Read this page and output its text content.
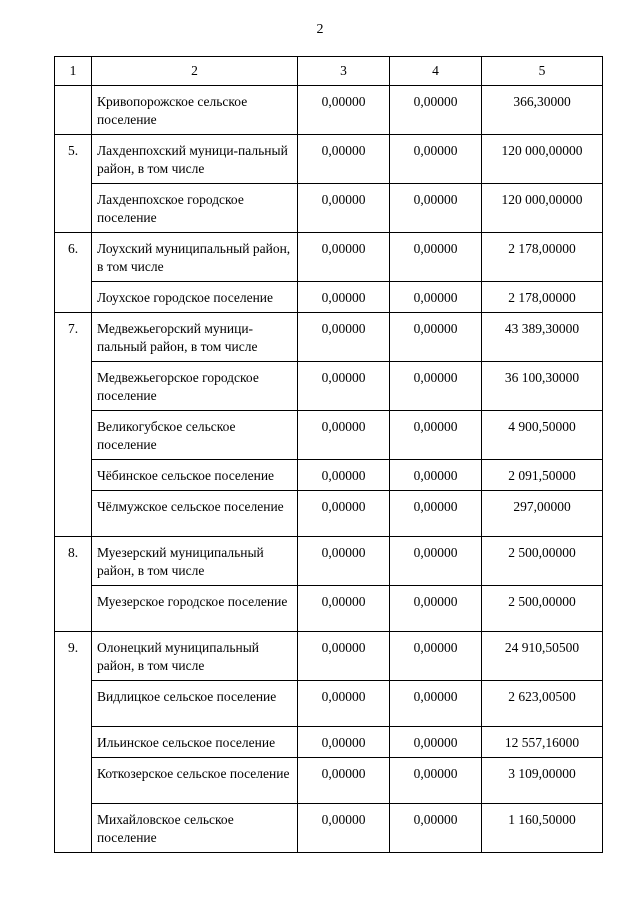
2
1	2	3	4	5
	Кривопорожское сельское поселение	0,00000	0,00000	366,30000
5.	Лахденпохский муници-пальный район, в том числе	0,00000	0,00000	120 000,00000
	Лахденпохское городское поселение	0,00000	0,00000	120 000,00000
6.	Лоухский муниципальный район, в том числе	0,00000	0,00000	2 178,00000
	Лоухское городское поселение	0,00000	0,00000	2 178,00000
7.	Медвежьегорский муници-пальный район, в том числе	0,00000	0,00000	43 389,30000
	Медвежьегорское городское поселение	0,00000	0,00000	36 100,30000
	Великогубское сельское поселение	0,00000	0,00000	4 900,50000
	Чёбинское сельское поселение	0,00000	0,00000	2 091,50000
	Чёлмужское сельское поселение	0,00000	0,00000	297,00000
8.	Муезерский муниципальный район, в том числе	0,00000	0,00000	2 500,00000
	Муезерское городское поселение	0,00000	0,00000	2 500,00000
9.	Олонецкий муниципальный район, в том числе	0,00000	0,00000	24 910,50500
	Видлицкое сельское поселение	0,00000	0,00000	2 623,00500
	Ильинское сельское поселение	0,00000	0,00000	12 557,16000
	Коткозерское сельское поселение	0,00000	0,00000	3 109,00000
	Михайловское сельское поселение	0,00000	0,00000	1 160,50000
